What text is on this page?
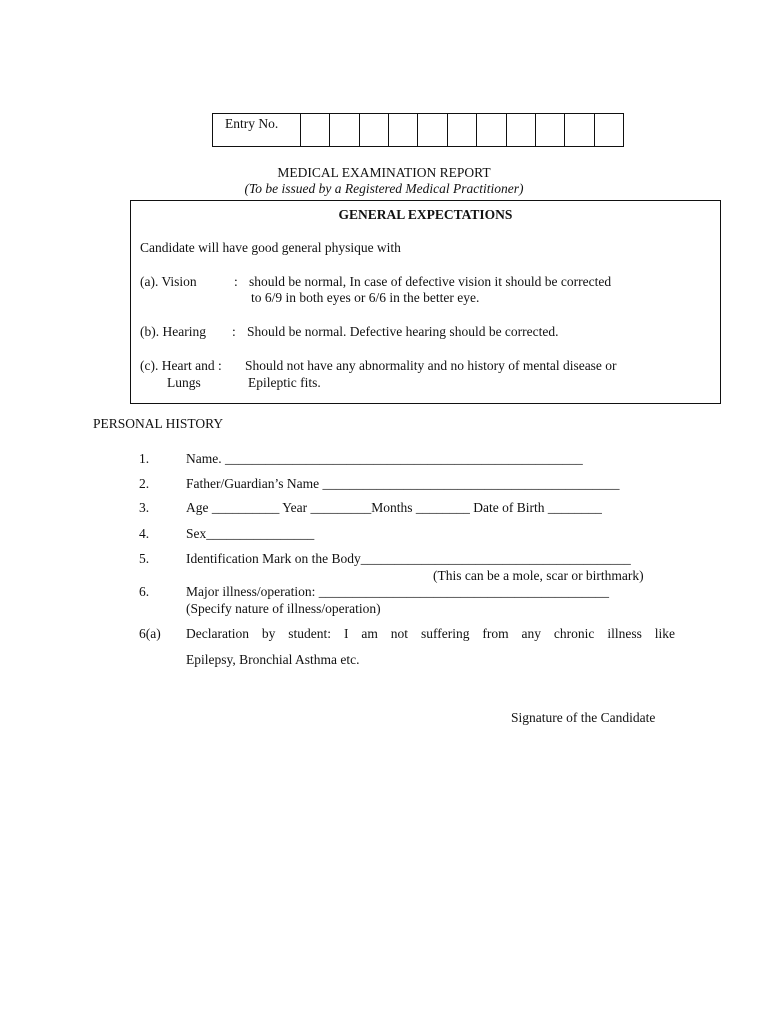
Entry No.
MEDICAL EXAMINATION REPORT
(To be issued by a Registered Medical Practitioner)
GENERAL EXPECTATIONS
Candidate will have good general physique with
(a). Vision	: should be normal, In case of defective vision it should be corrected
to 6/9 in both eyes or 6/6 in the better eye.
(b). Hearing : Should be normal. Defective hearing should be corrected.
(c). Heart and : Should not have any abnormality and no history of mental disease or
Lungs	Epileptic fits.
PERSONAL HISTORY
1.	Name. _____________________________________________________
2.	Father/Guardian’s Name ____________________________________________
3.	Age __________ Year _________Months ________ Date of Birth ________
4.	Sex________________
5.	Identification Mark on the Body________________________________________
(This can be a mole, scar or birthmark)
6.	Major illness/operation: ___________________________________________
(Specify nature of illness/operation)
6(a) Declaration by student: I am not suffering from any chronic illness like
Epilepsy, Bronchial Asthma etc.
Signature of the Candidate
